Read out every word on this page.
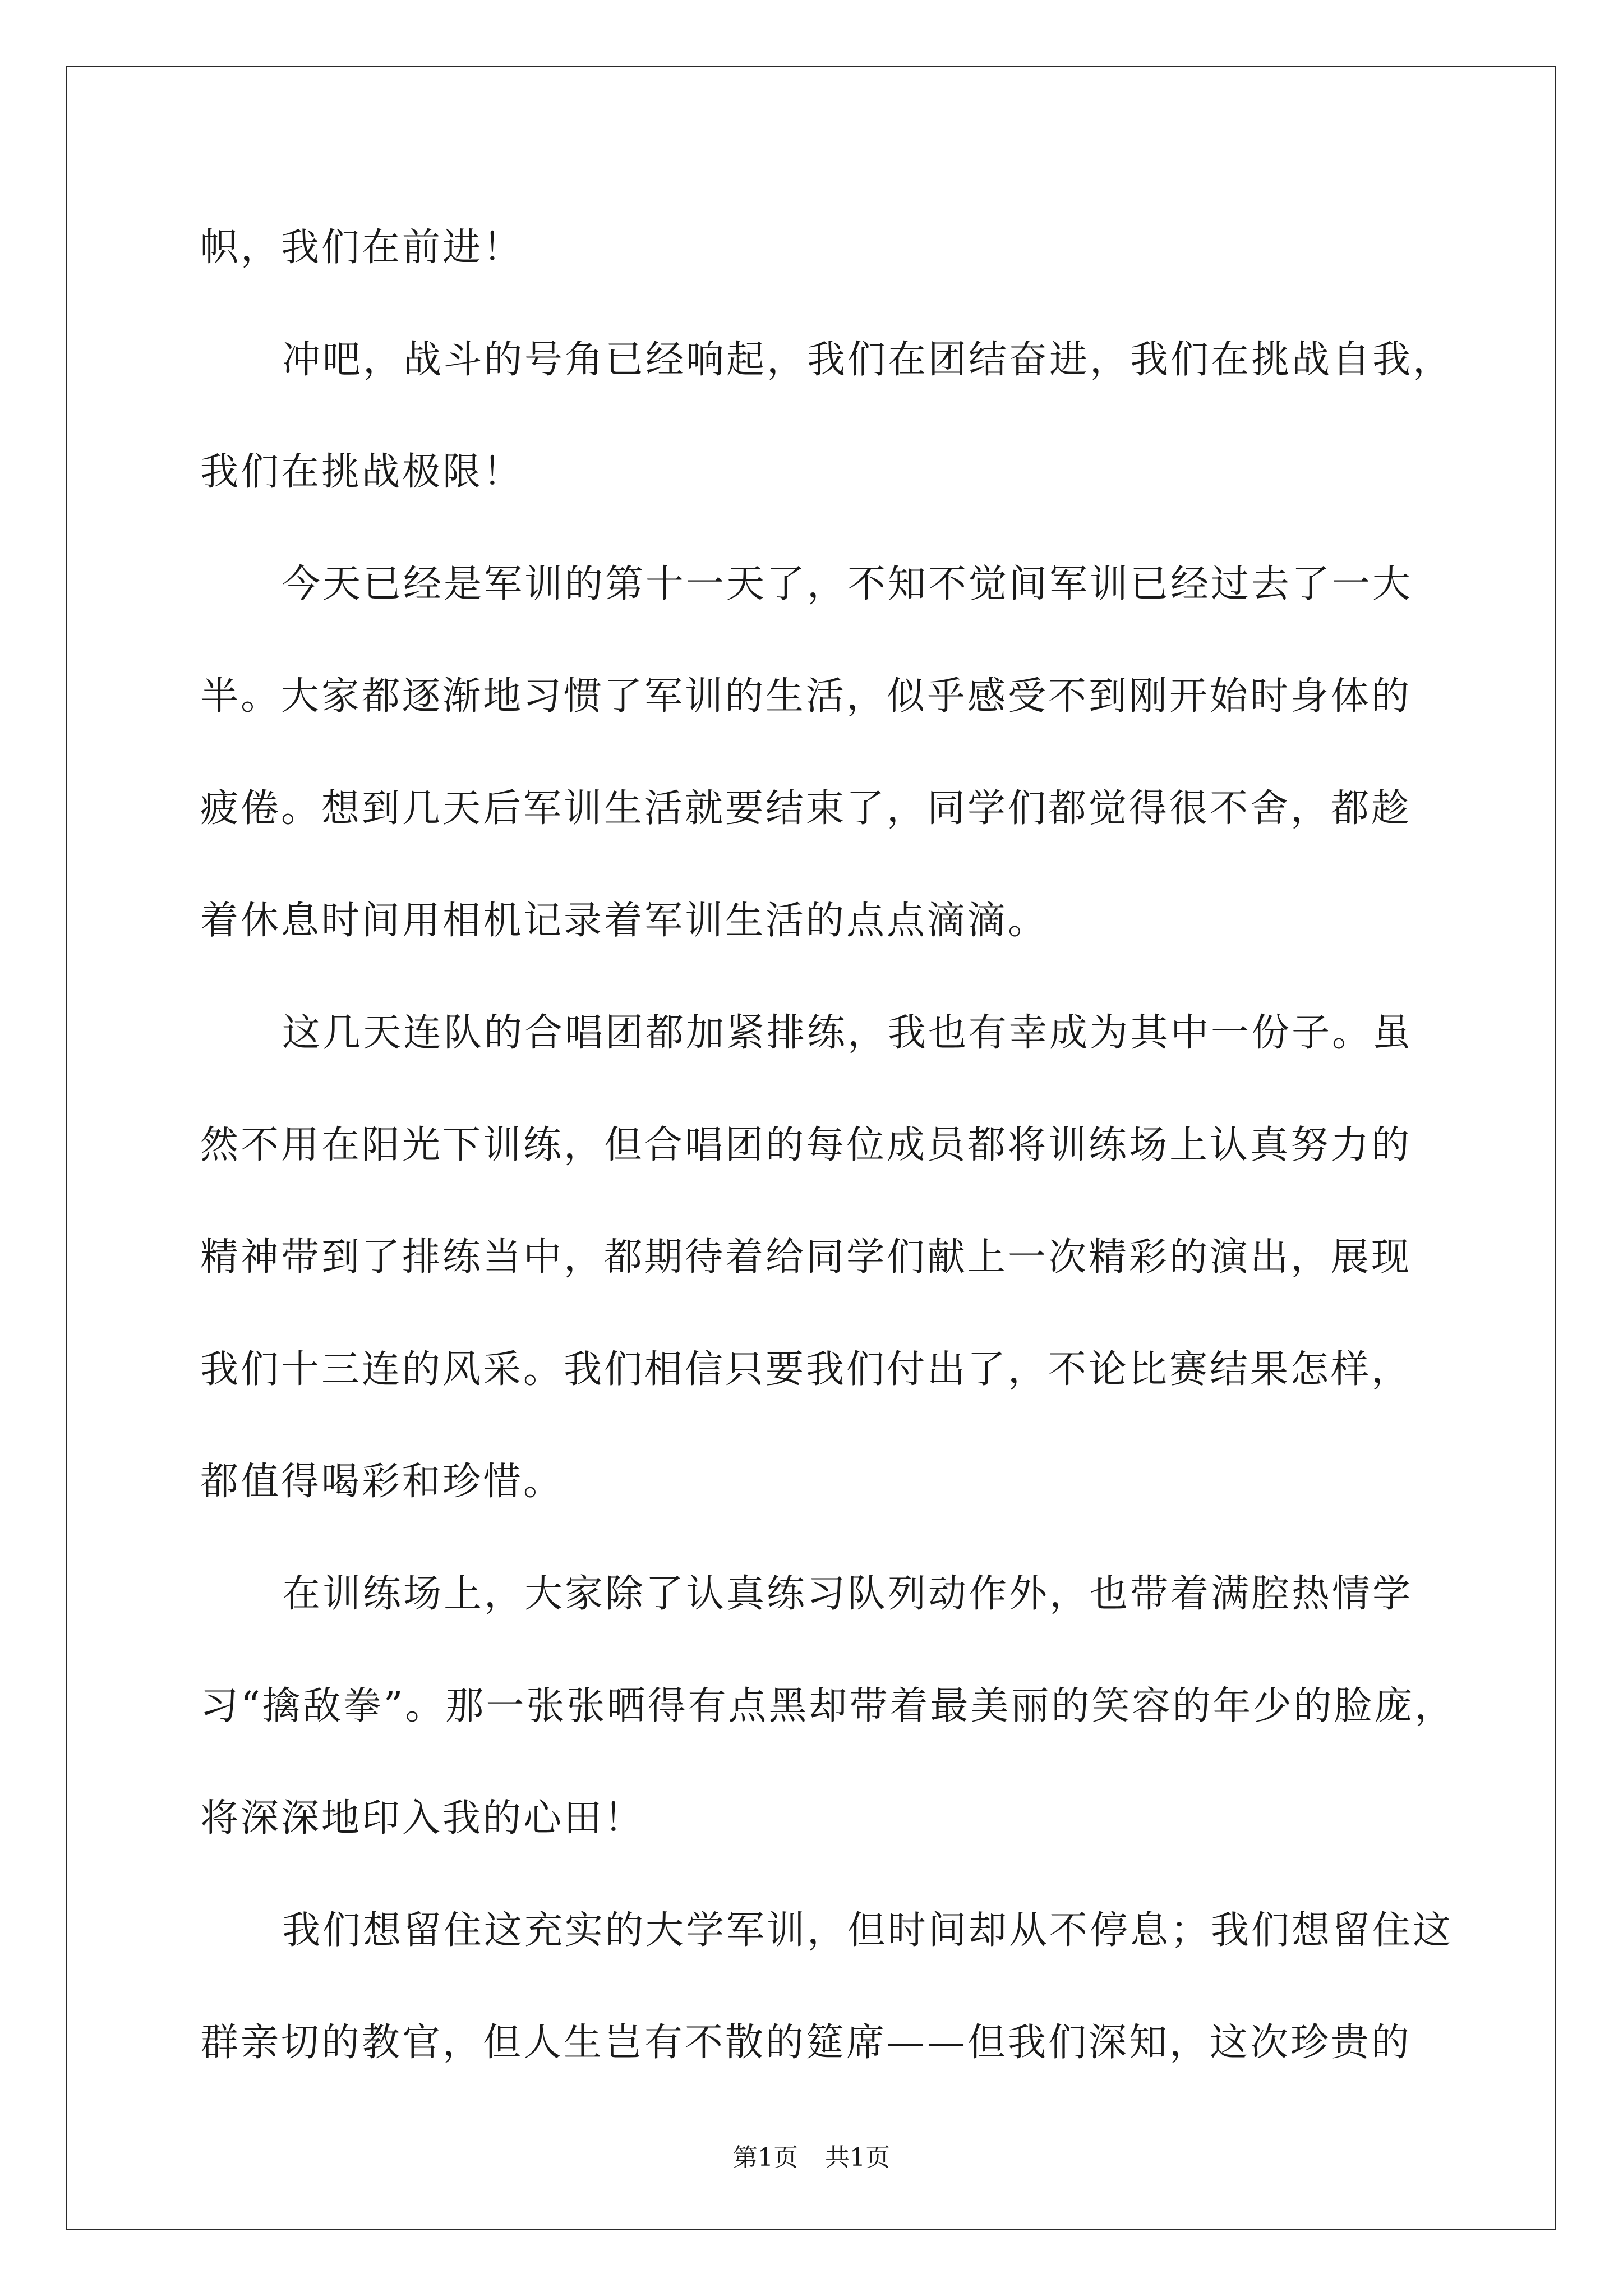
帜，我们在前进！
冲吧，战斗的号角已经响起，我们在团结奋进，我们在挑战自我，
我们在挑战极限！
今天已经是军训的第十一天了，不知不觉间军训已经过去了一大
半。大家都逐渐地习惯了军训的生活，似乎感受不到刚开始时身体的
疲倦。想到几天后军训生活就要结束了，同学们都觉得很不舍，都趁
着休息时间用相机记录着军训生活的点点滴滴。
这几天连队的合唱团都加紧排练，我也有幸成为其中一份子。虽
然不用在阳光下训练，但合唱团的每位成员都将训练场上认真努力的
精神带到了排练当中，都期待着给同学们献上一次精彩的演出，展现
我们十三连的风采。我们相信只要我们付出了，不论比赛结果怎样，
都值得喝彩和珍惜。
在训练场上，大家除了认真练习队列动作外，也带着满腔热情学
习“擒敌拳”。那一张张晒得有点黑却带着最美丽的笑容的年少的脸庞，
将深深地印入我的心田！
我们想留住这充实的大学军训，但时间却从不停息；我们想留住这
群亲切的教官，但人生岂有不散的筵席——但我们深知，这次珍贵的
第1页 共1页
